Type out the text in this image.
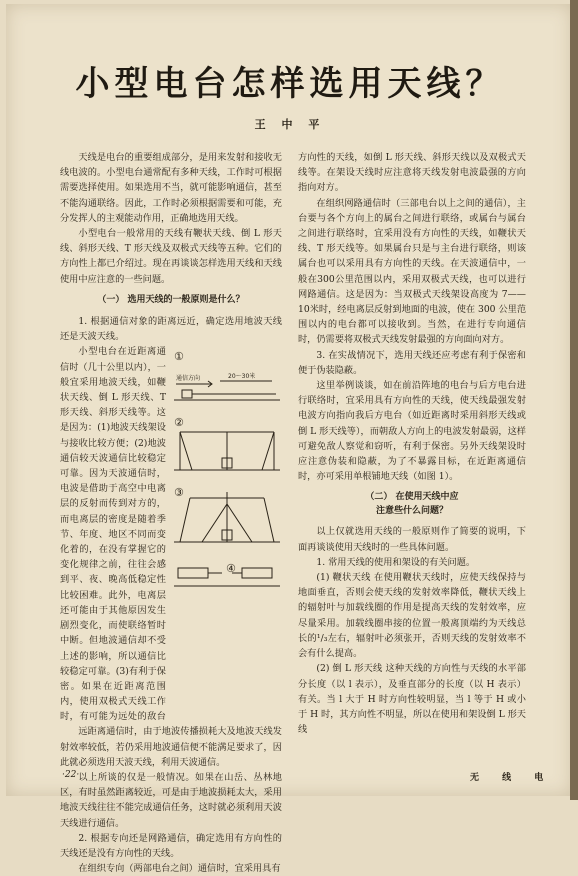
小型电台怎样选用天线？
王 中 平

天线是电台的重要组成部分，是用来发射和接收无线电波的。小型电台通常配有多种天线，工作时可根据需要选择使用。如果选用不当，就可能影响通信，甚至不能沟通联络。因此，工作时必须根据需要和可能，充分发挥人的主观能动作用，正确地选用天线。

小型电台一般常用的天线有鞭状天线、倒 L 形天线、斜形天线、T 形天线及双极式天线等五种。它们的方向性上都已介绍过。现在再谈谈怎样选用天线和天线使用中应注意的一些问题。

（一） 选用天线的一般原则是什么？

1. 根据通信对象的距离远近，确定选用地波天线还是天波天线。

小型电台在近距离通信时（几十公里以内），一般宜采用地波天线，如鞭状天线、倒 L 形天线、T 形天线、斜形天线等。这是因为：(1)地波天线架设与接收比较方便；(2)地波通信较天波通信比较稳定可靠。因为天波通信时，电波是借助于高空中电离层的反射而传到对方的，而电离层的密度是随着季节、年度、地区不同而变化着的，在没有掌握它的变化规律之前，往往会感到平、夜、晚高低稳定性比较困难。此外，电离层还可能由于其他原因发生剧烈变化，而使联络暂时中断。但地波通信却不受上述的影响，所以通信比较稳定可靠。(3)有利于保密。如果在近距离范围内，使用双极式天线工作时，有可能为远处的敌台

①
通信方向	20～30米
②
③
④

远距离通信时，由于地波传播损耗大及地波天线发射效率较低，若仍采用地波通信便不能满足要求了，因此就必须选用天波天线，利用天波通信。

以上所谈的仅是一般情况。如果在山岳、丛林地区，有时虽然距离较近，可是由于地波损耗太大，采用地波天线往往不能完成通信任务，这时就必须利用天波天线进行通信。

2. 根据专向还是网路通信，确定选用有方向性的天线还是没有方向性的天线。

在组织专向（两部电台之间）通信时，宜采用具有

方向性的天线，如倒 L 形天线、斜形天线以及双极式天线等。在架设天线时应注意将天线发射电波最强的方向指向对方。

在组织网路通信时（三部电台以上之间的通信），主台要与各个方向上的属台之间进行联络，或属台与属台之间进行联络时，宜采用没有方向性的天线，如鞭状天线、T 形天线等。如果属台只是与主台进行联络，则该属台也可以采用具有方向性的天线。在天波通信中，一般在300公里范围以内，采用双极式天线，也可以进行网路通信。这是因为：当双极式天线架设高度为 7——10米时，经电离层反射到地面的电波，使在 300 公里范围以内的电台都可以接收到。当然，在进行专向通信时，仍需要将双极式天线发射最强的方向面向对方。

3. 在实战情况下，选用天线还应考虑有利于保密和便于伪装隐蔽。

这里举例谈谈，如在前沿阵地的电台与后方电台进行联络时，宜采用具有方向性的天线，使天线最强发射电波方向指向我后方电台（如近距离时采用斜形天线或倒 L 形天线等），而朝敌人方向上的电波发射最弱，这样可避免敌人察觉和窃听，有利于保密。另外天线架设时应注意伪装和隐蔽，为了不暴露目标，在近距离通信时，亦可采用单根铺地天线（如图 1）。

（二） 在使用天线中应
注意些什么问题？

以上仅就选用天线的一般原则作了简要的说明，下面再谈谈使用天线时的一些具体问题。

1. 常用天线的使用和架设的有关问题。

(1) 鞭状天线 在使用鞭状天线时，应使天线保持与地面垂直，否则会使天线的发射效率降低，鞭状天线上的辐射叶与加载线圈的作用是提高天线的发射效率，应尽量采用。加载线圈串接的位置一般离顶端约为天线总长的¹/₃左右，辐射叶必须张开，否则天线的发射效率不会有什么提高。

(2) 倒 L 形天线 这种天线的方向性与天线的水平部分长度（以 l 表示），及垂直部分的长度（以 H 表示）有关。当 l 大于 H 时方向性较明显，当 l 等于 H 或小于 H 时，其方向性不明显，所以在使用和架设倒 L 形天线

·22·	无 线 电
